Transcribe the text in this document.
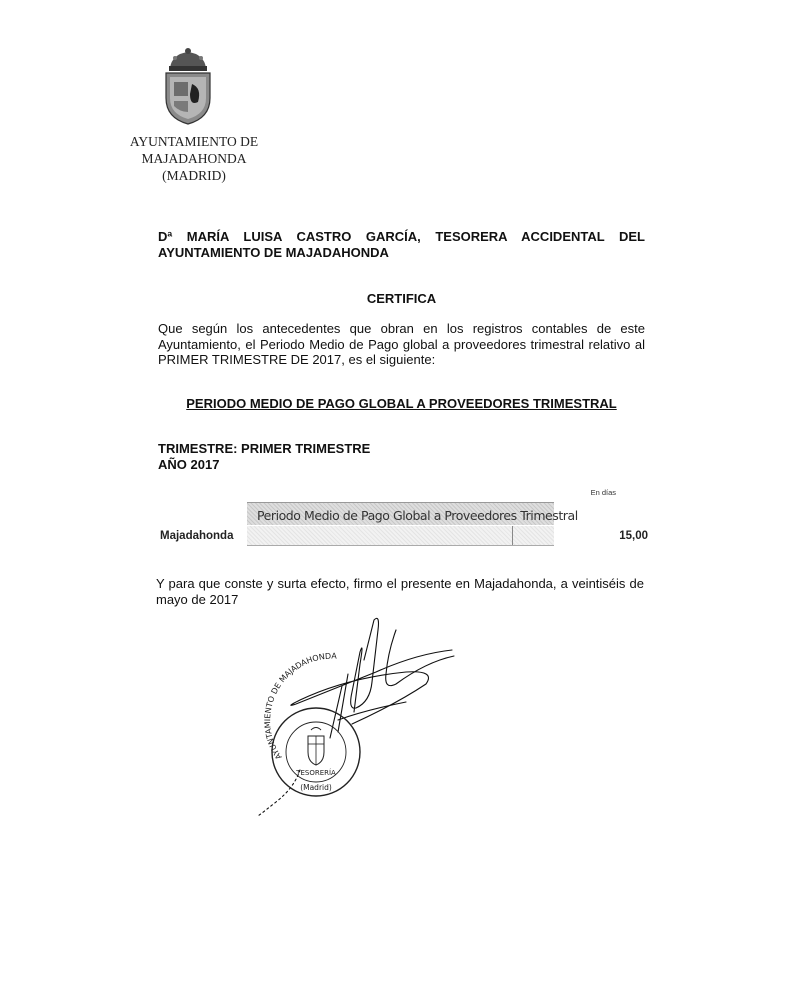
AYUNTAMIENTO DE
MAJADAHONDA
(MADRID)
Dª MARÍA LUISA CASTRO GARCÍA, TESORERA ACCIDENTAL DEL
AYUNTAMIENTO DE MAJADAHONDA
CERTIFICA
Que según los antecedentes que obran en los registros contables de este
Ayuntamiento, el Periodo Medio de Pago global a proveedores trimestral relativo al
PRIMER TRIMESTRE DE 2017, es el siguiente:
PERIODO MEDIO DE PAGO GLOBAL A PROVEEDORES TRIMESTRAL
TRIMESTRE: PRIMER TRIMESTRE
AÑO 2017
En días
Periodo Medio de Pago Global a Proveedores Trimestral
Majadahonda	15,00
Y para que conste y surta efecto, firmo el presente en Majadahonda, a veintiséis de
mayo de 2017
AYUNTAMIENTO DE MAJADAHONDA
TESORERÍA
(Madrid)
